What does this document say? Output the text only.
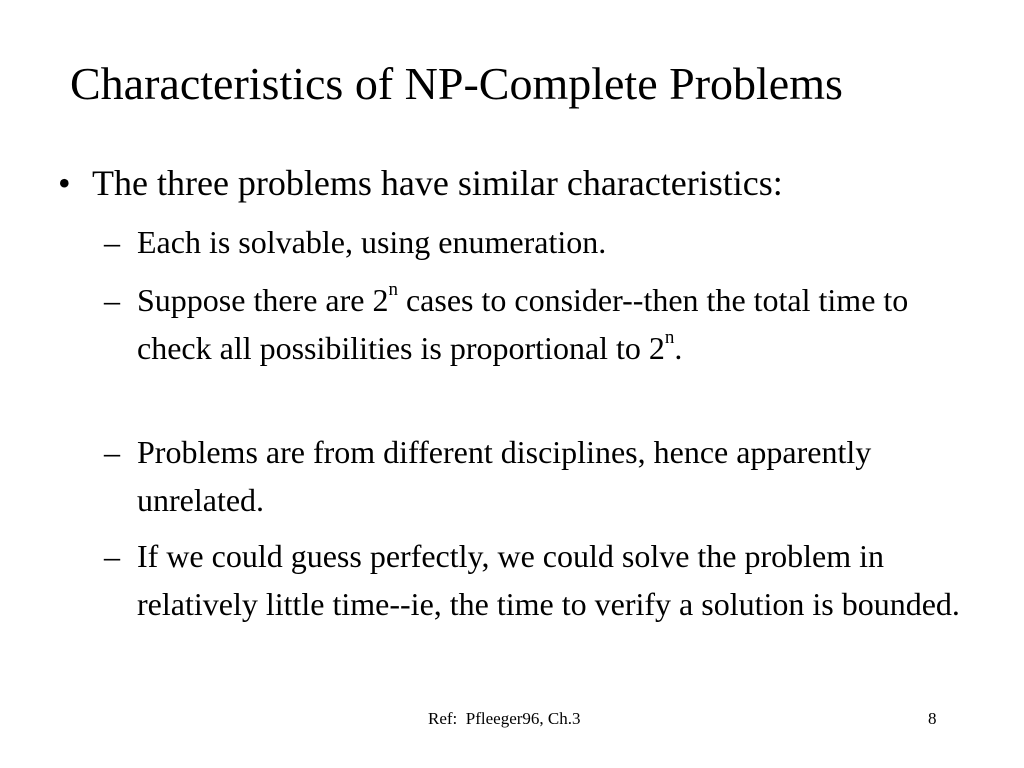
Characteristics of NP-Complete Problems
• The three problems have similar characteristics:
– Each is solvable, using enumeration.
– Suppose there are 2$^n$ cases to consider--then the total time to check all possibilities is proportional to 2$^n$.
– Problems are from different disciplines, hence apparently unrelated.
– If we could guess perfectly, we could solve the problem in relatively little time--ie, the time to verify a solution is bounded.
Ref:  Pfleeger96, Ch.3	8
